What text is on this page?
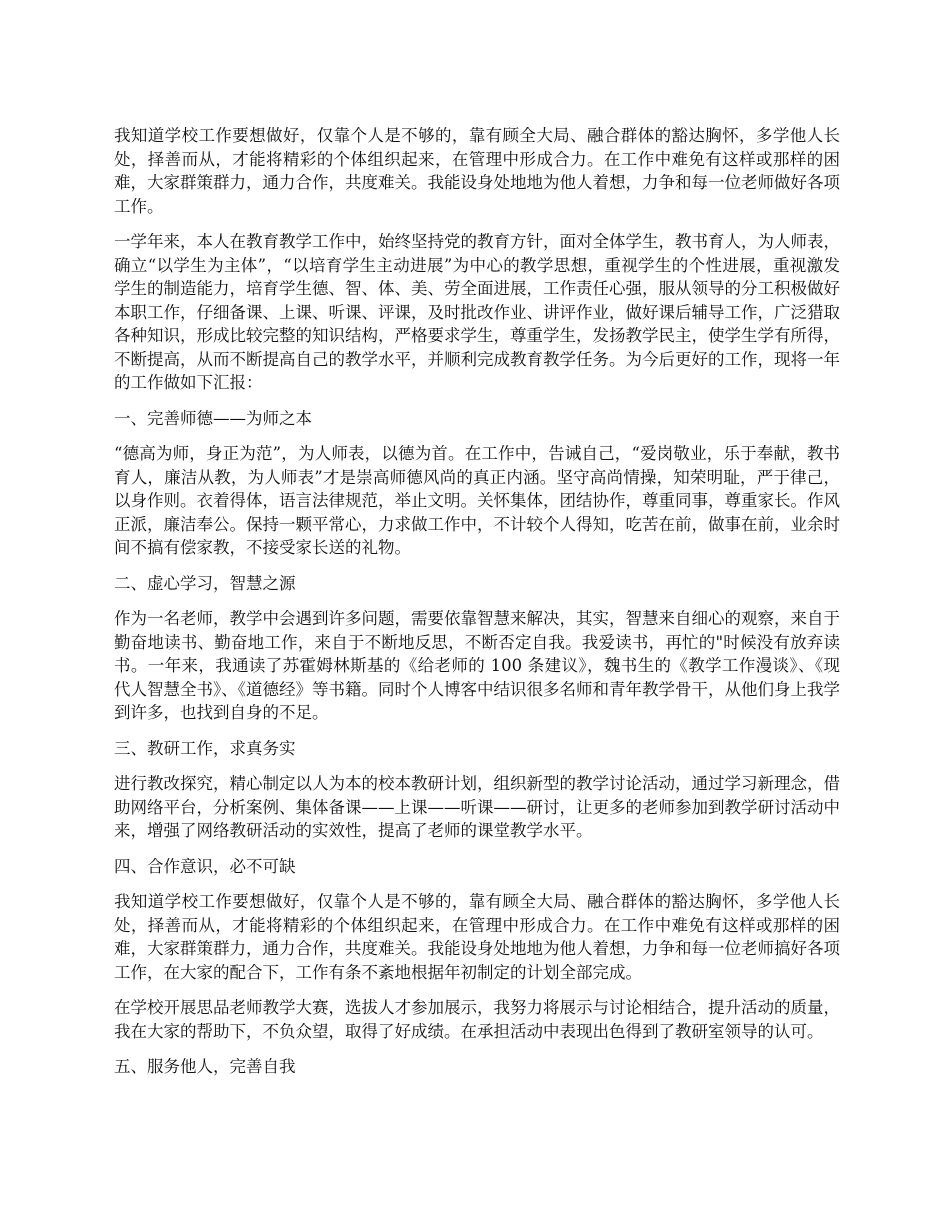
我知道学校工作要想做好，仅靠个人是不够的，靠有顾全大局、融合群体的豁达胸怀，多学他人长处，择善而从，才能将精彩的个体组织起来，在管理中形成合力。在工作中难免有这样或那样的困难，大家群策群力，通力合作，共度难关。我能设身处地地为他人着想，力争和每一位老师做好各项工作。

一学年来，本人在教育教学工作中，始终坚持党的教育方针，面对全体学生，教书育人，为人师表，确立“以学生为主体”，“以培育学生主动进展”为中心的教学思想，重视学生的个性进展，重视激发学生的制造能力，培育学生德、智、体、美、劳全面进展，工作责任心强，服从领导的分工积极做好本职工作，仔细备课、上课、听课、评课，及时批改作业、讲评作业，做好课后辅导工作，广泛猎取各种知识，形成比较完整的知识结构，严格要求学生，尊重学生，发扬教学民主，使学生学有所得，不断提高，从而不断提高自己的教学水平，并顺利完成教育教学任务。为今后更好的工作，现将一年的工作做如下汇报：

一、完善师德——为师之本

“德高为师，身正为范”，为人师表，以德为首。在工作中，告诫自己，“爱岗敬业，乐于奉献，教书育人，廉洁从教，为人师表”才是崇高师德风尚的真正内涵。坚守高尚情操，知荣明耻，严于律己，以身作则。衣着得体，语言法律规范，举止文明。关怀集体，团结协作，尊重同事，尊重家长。作风正派，廉洁奉公。保持一颗平常心，力求做工作中，不计较个人得知，吃苦在前，做事在前，业余时间不搞有偿家教，不接受家长送的礼物。

二、虚心学习，智慧之源

作为一名老师，教学中会遇到许多问题，需要依靠智慧来解决，其实，智慧来自细心的观察，来自于勤奋地读书、勤奋地工作，来自于不断地反思，不断否定自我。我爱读书，再忙的"时候没有放弃读书。一年来，我通读了苏霍姆林斯基的《给老师的 100 条建议》，魏书生的《教学工作漫谈》、《现代人智慧全书》、《道德经》等书籍。同时个人博客中结识很多名师和青年教学骨干，从他们身上我学到许多，也找到自身的不足。

三、教研工作，求真务实

进行教改探究，精心制定以人为本的校本教研计划，组织新型的教学讨论活动，通过学习新理念，借助网络平台，分析案例、集体备课——上课——听课——研讨，让更多的老师参加到教学研讨活动中来，增强了网络教研活动的实效性，提高了老师的课堂教学水平。

四、合作意识，必不可缺

我知道学校工作要想做好，仅靠个人是不够的，靠有顾全大局、融合群体的豁达胸怀，多学他人长处，择善而从，才能将精彩的个体组织起来，在管理中形成合力。在工作中难免有这样或那样的困难，大家群策群力，通力合作，共度难关。我能设身处地地为他人着想，力争和每一位老师搞好各项工作，在大家的配合下，工作有条不紊地根据年初制定的计划全部完成。

在学校开展思品老师教学大赛，选拔人才参加展示，我努力将展示与讨论相结合，提升活动的质量，我在大家的帮助下，不负众望，取得了好成绩。在承担活动中表现出色得到了教研室领导的认可。

五、服务他人，完善自我
